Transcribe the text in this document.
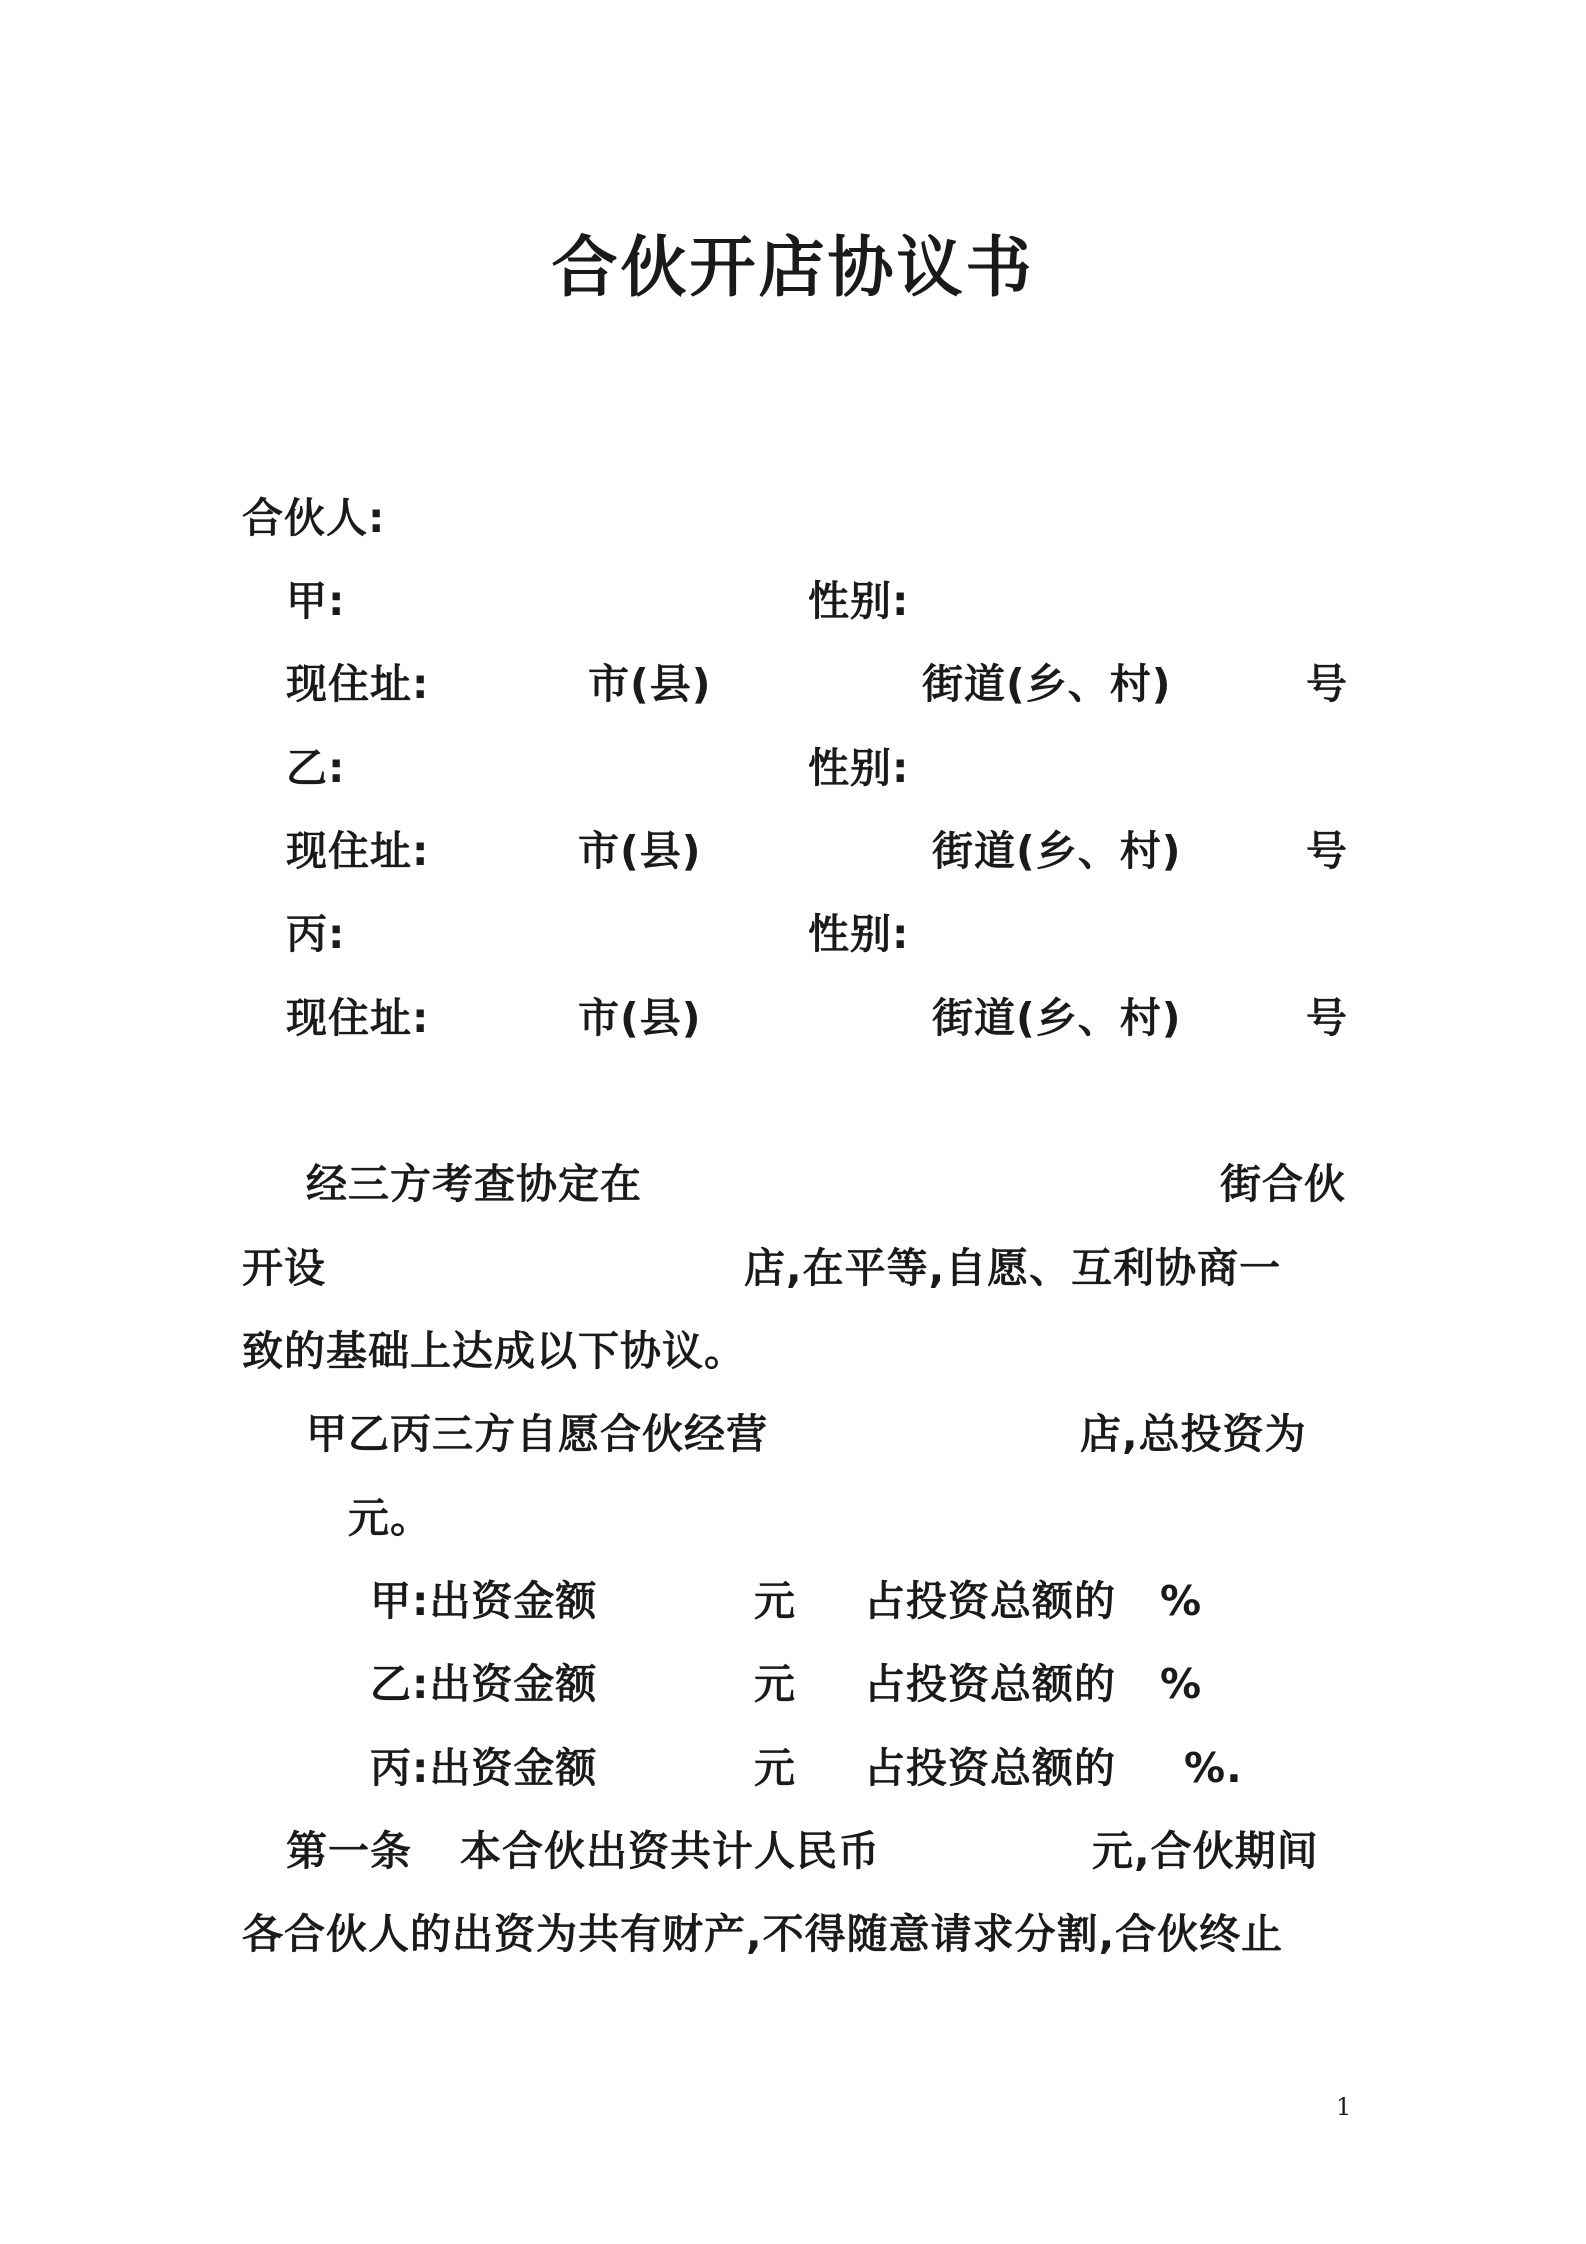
合伙开店协议书
合伙人:
甲:	性别:
现住址:	市(县)	街道(乡、村)	号
乙:	性别:
现住址:	市(县)	街道(乡、村)	号
丙:	性别:
现住址:	市(县)	街道(乡、村)	号
经三方考查协定在	街合伙
开设	店,在平等,自愿、互利协商一
致的基础上达成以下协议。
甲乙丙三方自愿合伙经营	店,总投资为
元。
甲:出资金额	元 占投资总额的 %
乙:出资金额	元 占投资总额的 %
丙:出资金额	元 占投资总额的 %.
第一条 本合伙出资共计人民币	元,合伙期间
各合伙人的出资为共有财产,不得随意请求分割,合伙终止
1
